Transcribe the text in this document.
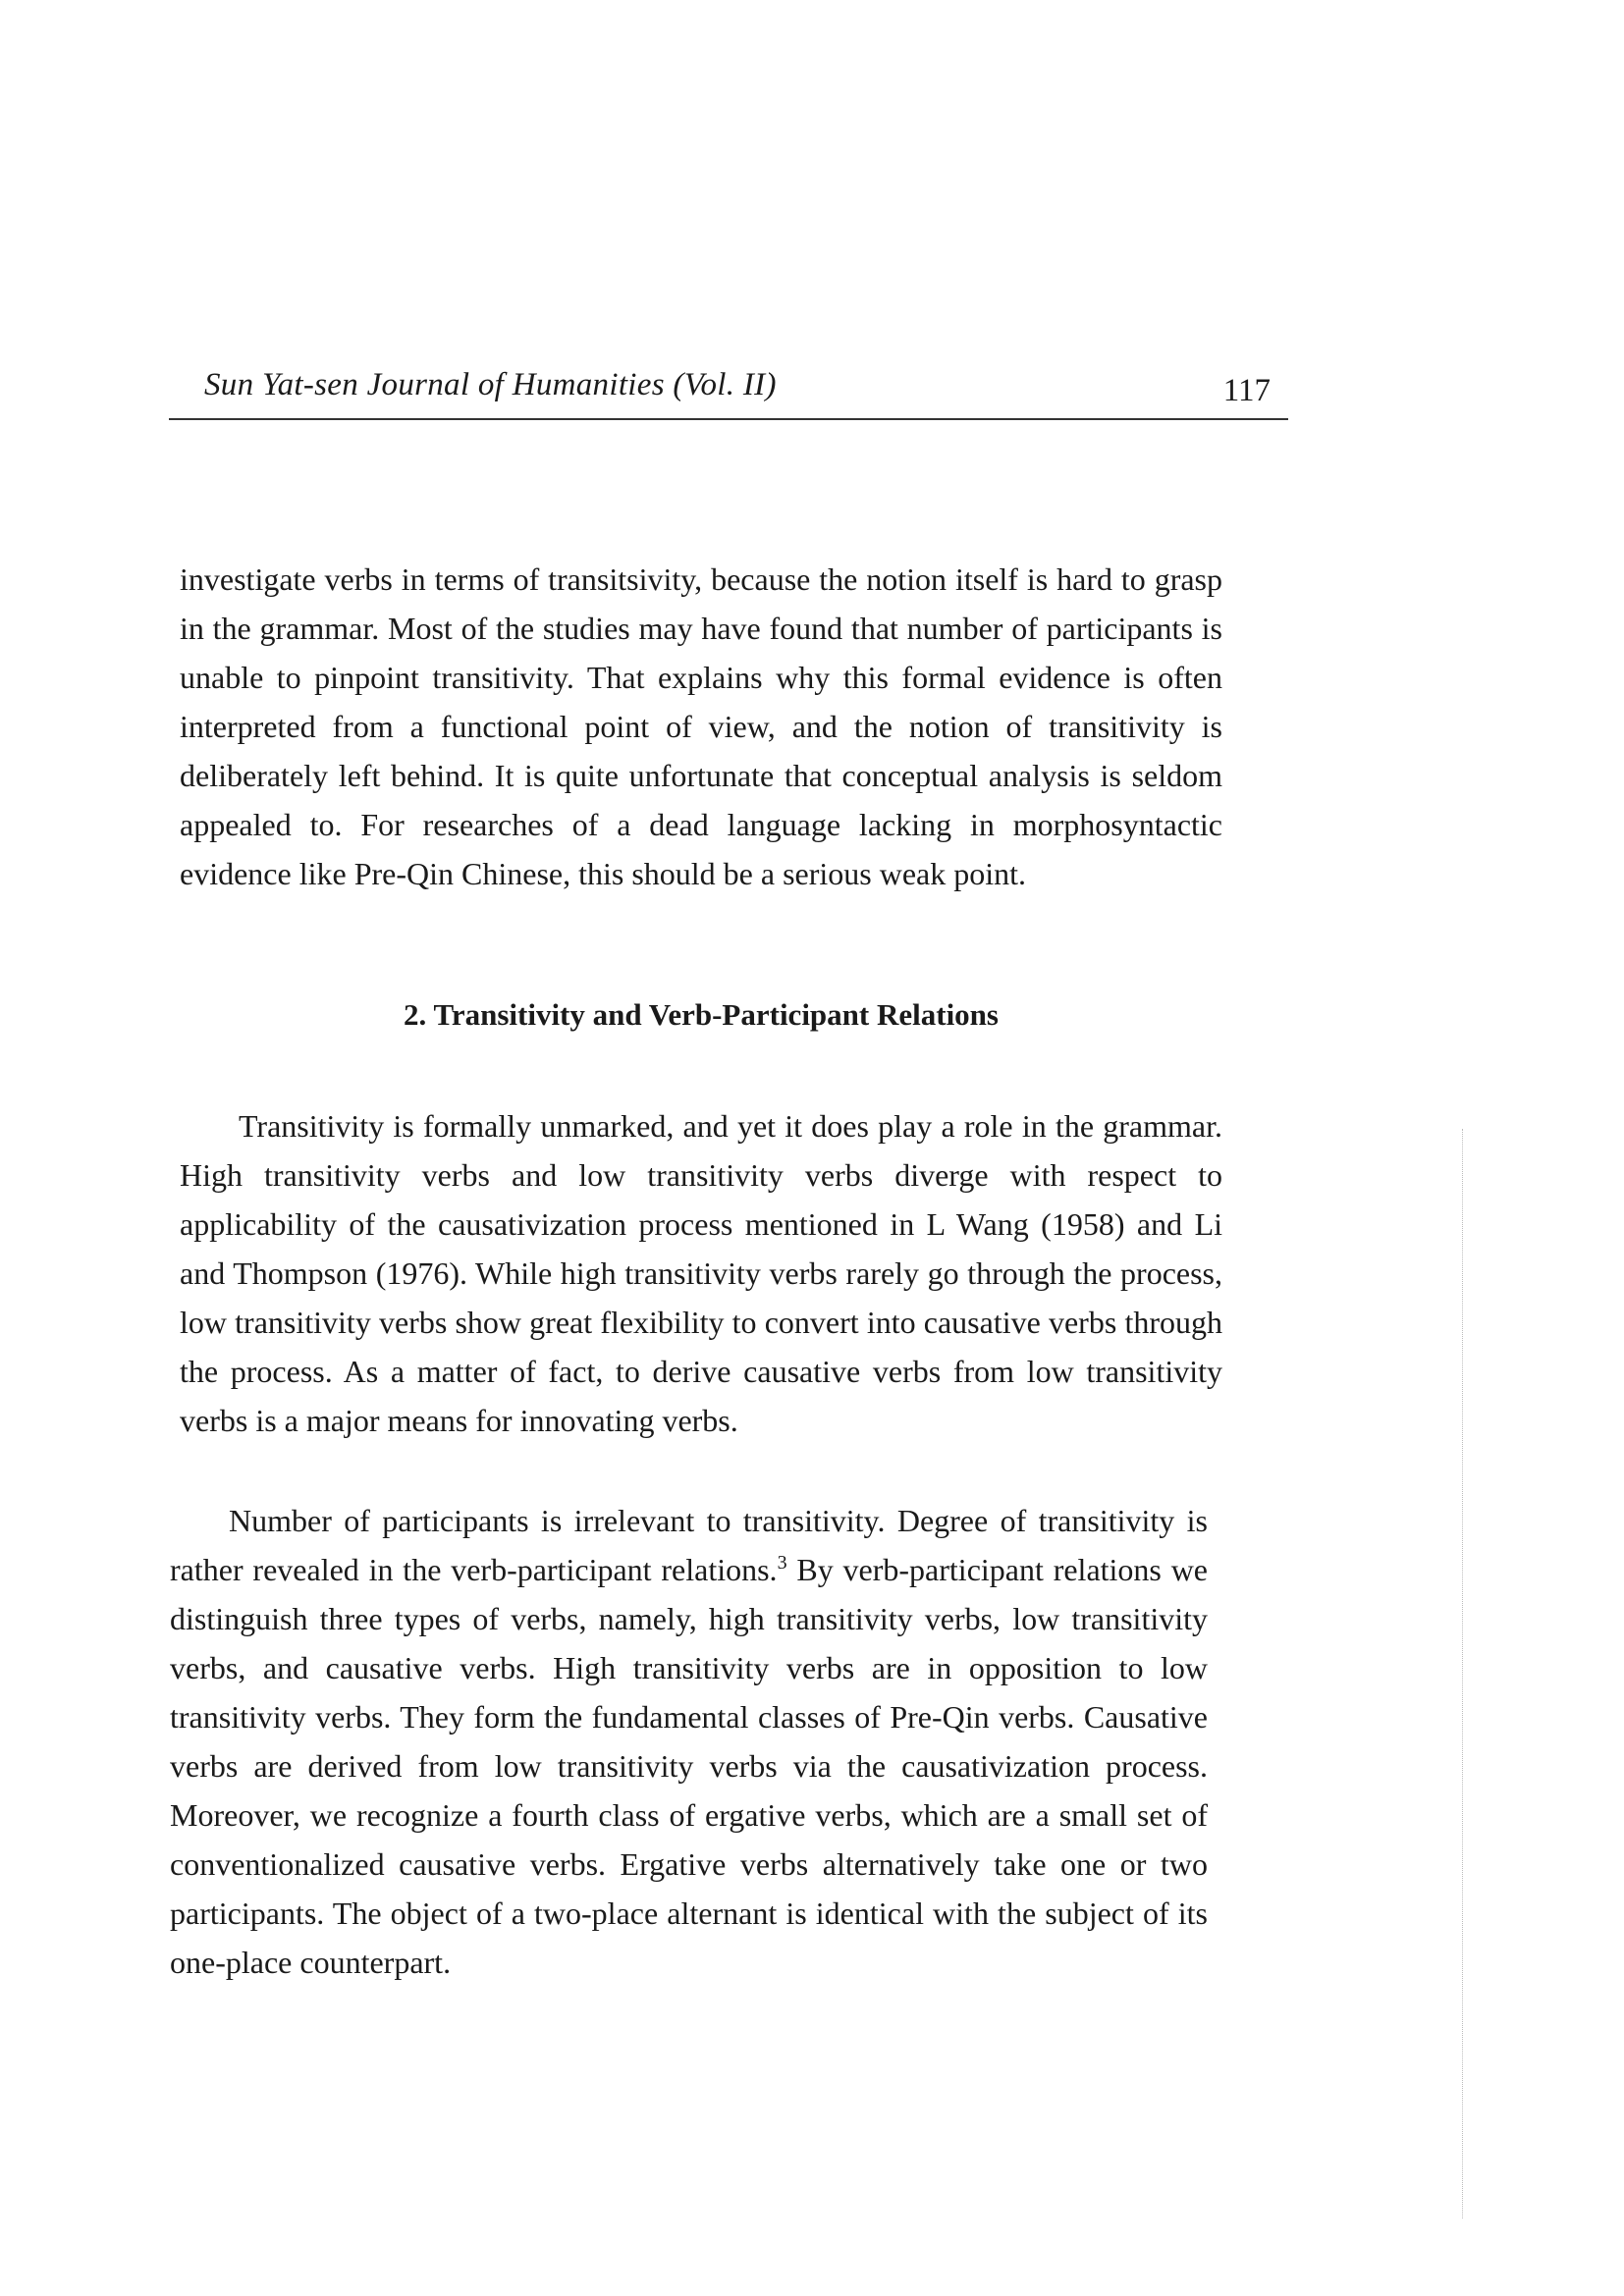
Sun Yat-sen Journal of Humanities (Vol. II)	117

investigate verbs in terms of transitsivity, because the notion itself is hard to grasp in the grammar. Most of the studies may have found that number of participants is unable to pinpoint transitivity. That explains why this formal evidence is often interpreted from a functional point of view, and the notion of transitivity is deliberately left behind. It is quite unfortunate that conceptual analysis is seldom appealed to. For researches of a dead language lacking in morphosyntactic evidence like Pre-Qin Chinese, this should be a serious weak point.

2. Transitivity and Verb-Participant Relations

Transitivity is formally unmarked, and yet it does play a role in the grammar. High transitivity verbs and low transitivity verbs diverge with respect to applicability of the causativization process mentioned in L Wang (1958) and Li and Thompson (1976). While high transitivity verbs rarely go through the process, low transitivity verbs show great flexibility to convert into causative verbs through the process. As a matter of fact, to derive causative verbs from low transitivity verbs is a major means for innovating verbs.

Number of participants is irrelevant to transitivity. Degree of transitivity is rather revealed in the verb-participant relations.$^3$ By verb-participant relations we distinguish three types of verbs, namely, high transitivity verbs, low transitivity verbs, and causative verbs. High transitivity verbs are in opposition to low transitivity verbs. They form the fundamental classes of Pre-Qin verbs. Causative verbs are derived from low transitivity verbs via the causativization process. Moreover, we recognize a fourth class of ergative verbs, which are a small set of conventionalized causative verbs. Ergative verbs alternatively take one or two participants. The object of a two-place alternant is identical with the subject of its one-place counterpart.
